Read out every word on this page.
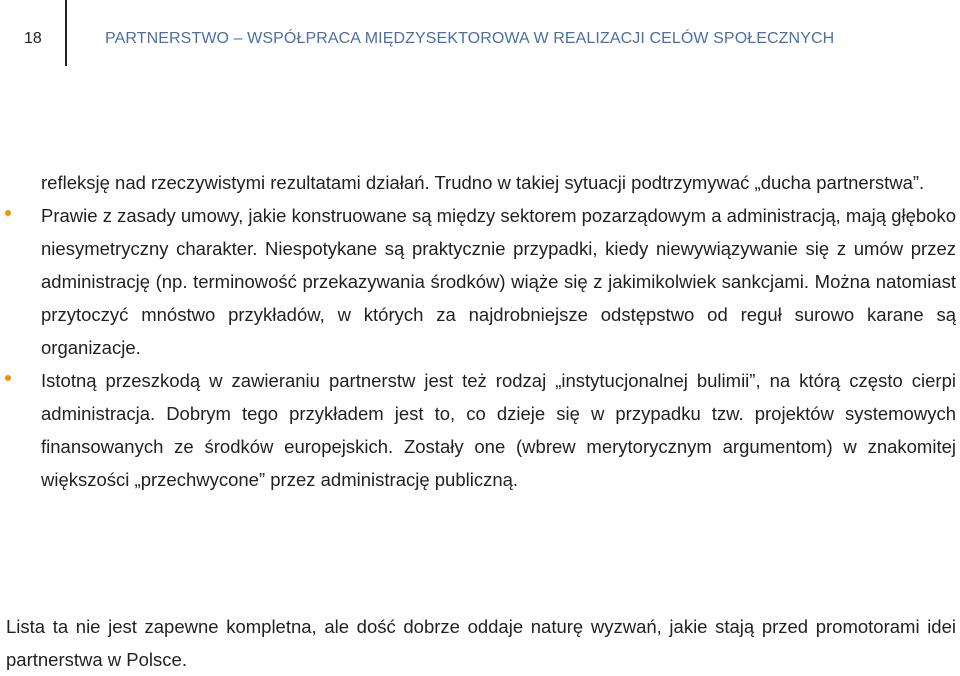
18	PARTNERSTWO – WSPÓŁPRACA MIĘDZYSEKTOROWA W REALIZACJI CELÓW SPOŁECZNYCH

refleksję nad rzeczywistymi rezultatami działań. Trudno w takiej sytuacji podtrzymywać „ducha partnerstwa”.

Prawie z zasady umowy, jakie konstruowane są między sektorem pozarządowym a administracją, mają głęboko niesymetryczny charakter. Niespotykane są praktycznie przypadki, kiedy niewywiązywanie się z umów przez administrację (np. terminowość przekazywania środków) wiąże się z jakimikolwiek sankcjami. Można natomiast przytoczyć mnóstwo przykładów, w których za najdrobniejsze odstępstwo od reguł surowo karane są organizacje.

Istotną przeszkodą w zawieraniu partnerstw jest też rodzaj „instytucjonalnej bulimii”, na którą często cierpi administracja. Dobrym tego przykładem jest to, co dzieje się w przypadku tzw. projektów systemowych finansowanych ze środków europejskich. Zostały one (wbrew merytorycznym argumentom) w znakomitej większości „przechwycone” przez administrację publiczną.

Lista ta nie jest zapewne kompletna, ale dość dobrze oddaje naturę wyzwań, jakie stają przed promotorami idei partnerstwa w Polsce.
